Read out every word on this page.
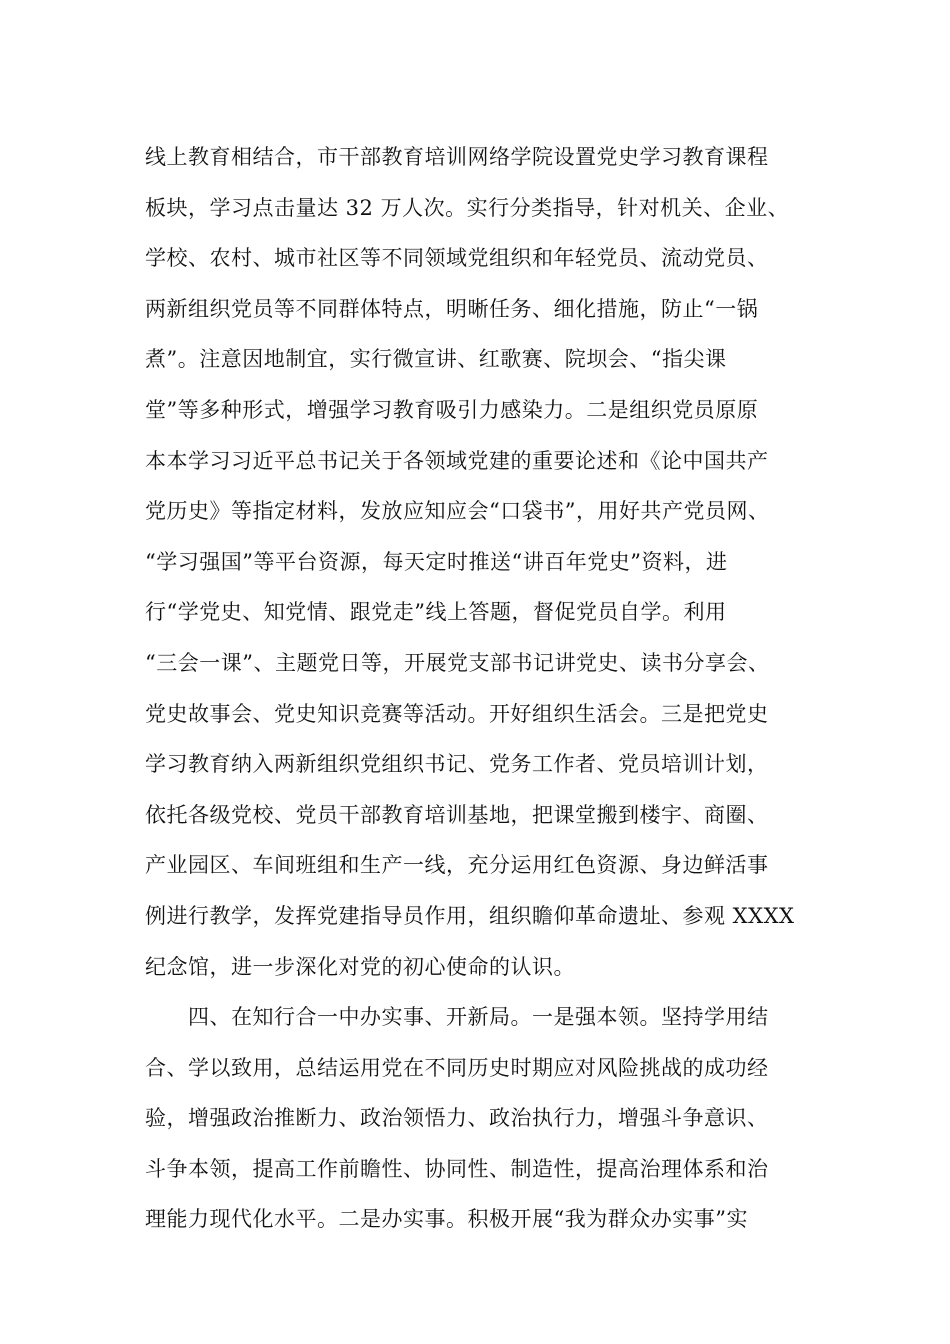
线上教育相结合，市干部教育培训网络学院设置党史学习教育课程
板块，学习点击量达 32 万人次。实行分类指导，针对机关、企业、
学校、农村、城市社区等不同领域党组织和年轻党员、流动党员、
两新组织党员等不同群体特点，明晰任务、细化措施，防止“一锅
煮”。注意因地制宜，实行微宣讲、红歌赛、院坝会、“指尖课
堂”等多种形式，增强学习教育吸引力感染力。二是组织党员原原
本本学习习近平总书记关于各领域党建的重要论述和《论中国共产
党历史》等指定材料，发放应知应会“口袋书”，用好共产党员网、
“学习强国”等平台资源，每天定时推送“讲百年党史”资料，进
行“学党史、知党情、跟党走”线上答题，督促党员自学。利用
“三会一课”、主题党日等，开展党支部书记讲党史、读书分享会、
党史故事会、党史知识竞赛等活动。开好组织生活会。三是把党史
学习教育纳入两新组织党组织书记、党务工作者、党员培训计划，
依托各级党校、党员干部教育培训基地，把课堂搬到楼宇、商圈、
产业园区、车间班组和生产一线，充分运用红色资源、身边鲜活事
例进行教学，发挥党建指导员作用，组织瞻仰革命遗址、参观 XXXX
纪念馆，进一步深化对党的初心使命的认识。
　　四、在知行合一中办实事、开新局。一是强本领。坚持学用结
合、学以致用，总结运用党在不同历史时期应对风险挑战的成功经
验，增强政治推断力、政治领悟力、政治执行力，增强斗争意识、
斗争本领，提高工作前瞻性、协同性、制造性，提高治理体系和治
理能力现代化水平。二是办实事。积极开展“我为群众办实事”实
